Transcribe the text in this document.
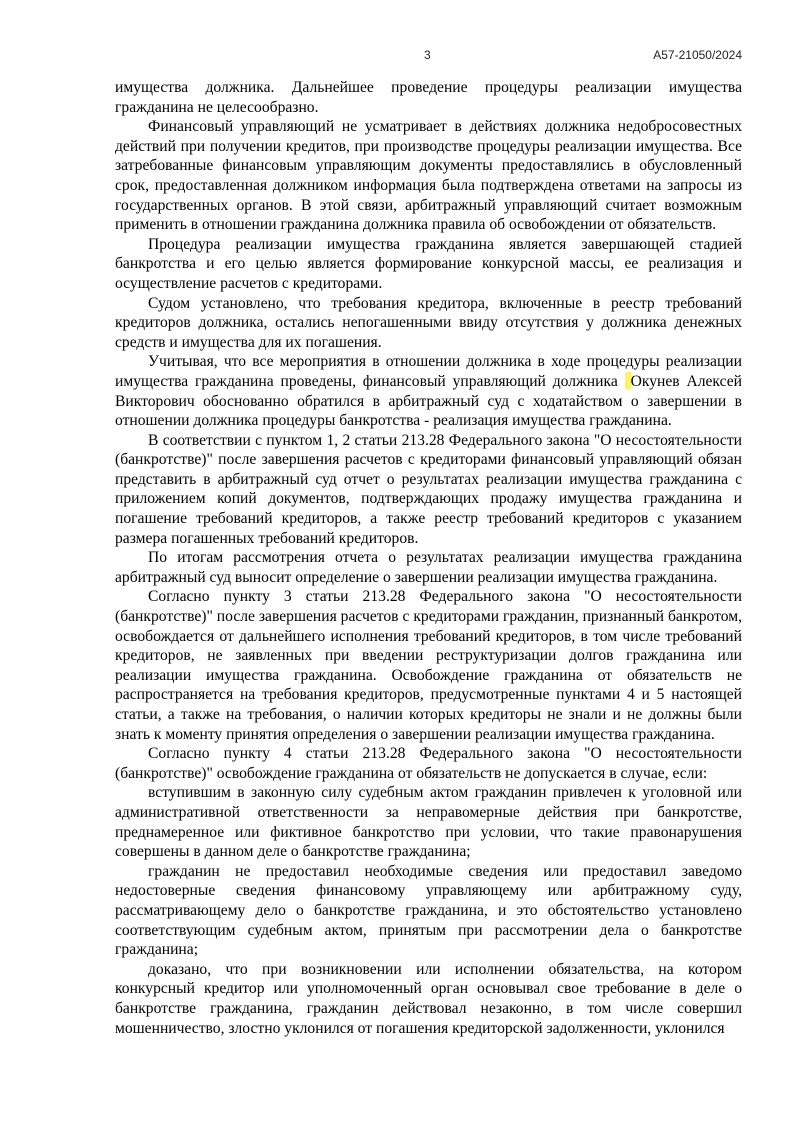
3	А57-21050/2024

имущества должника. Дальнейшее проведение процедуры реализации имущества гражданина не целесообразно.

Финансовый управляющий не усматривает в действиях должника недобросовестных действий при получении кредитов, при производстве процедуры реализации имущества. Все затребованные финансовым управляющим документы предоставлялись в обусловленный срок, предоставленная должником информация была подтверждена ответами на запросы из государственных органов. В этой связи, арбитражный управляющий считает возможным применить в отношении гражданина должника правила об освобождении от обязательств.

Процедура реализации имущества гражданина является завершающей стадией банкротства и его целью является формирование конкурсной массы, ее реализация и осуществление расчетов с кредиторами.

Судом установлено, что требования кредитора, включенные в реестр требований кредиторов должника, остались непогашенными ввиду отсутствия у должника денежных средств и имущества для их погашения.

Учитывая, что все мероприятия в отношении должника в ходе процедуры реализации имущества гражданина проведены, финансовый управляющий должника Окунев Алексей Викторович обоснованно обратился в арбитражный суд с ходатайством о завершении в отношении должника процедуры банкротства - реализация имущества гражданина.

В соответствии с пунктом 1, 2 статьи 213.28 Федерального закона "О несостоятельности (банкротстве)" после завершения расчетов с кредиторами финансовый управляющий обязан представить в арбитражный суд отчет о результатах реализации имущества гражданина с приложением копий документов, подтверждающих продажу имущества гражданина и погашение требований кредиторов, а также реестр требований кредиторов с указанием размера погашенных требований кредиторов.

По итогам рассмотрения отчета о результатах реализации имущества гражданина арбитражный суд выносит определение о завершении реализации имущества гражданина.

Согласно пункту 3 статьи 213.28 Федерального закона "О несостоятельности (банкротстве)" после завершения расчетов с кредиторами гражданин, признанный банкротом, освобождается от дальнейшего исполнения требований кредиторов, в том числе требований кредиторов, не заявленных при введении реструктуризации долгов гражданина или реализации имущества гражданина. Освобождение гражданина от обязательств не распространяется на требования кредиторов, предусмотренные пунктами 4 и 5 настоящей статьи, а также на требования, о наличии которых кредиторы не знали и не должны были знать к моменту принятия определения о завершении реализации имущества гражданина.

Согласно пункту 4 статьи 213.28 Федерального закона "О несостоятельности (банкротстве)" освобождение гражданина от обязательств не допускается в случае, если:

вступившим в законную силу судебным актом гражданин привлечен к уголовной или административной ответственности за неправомерные действия при банкротстве, преднамеренное или фиктивное банкротство при условии, что такие правонарушения совершены в данном деле о банкротстве гражданина;

гражданин не предоставил необходимые сведения или предоставил заведомо недостоверные сведения финансовому управляющему или арбитражному суду, рассматривающему дело о банкротстве гражданина, и это обстоятельство установлено соответствующим судебным актом, принятым при рассмотрении дела о банкротстве гражданина;

доказано, что при возникновении или исполнении обязательства, на котором конкурсный кредитор или уполномоченный орган основывал свое требование в деле о банкротстве гражданина, гражданин действовал незаконно, в том числе совершил мошенничество, злостно уклонился от погашения кредиторской задолженности, уклонился
